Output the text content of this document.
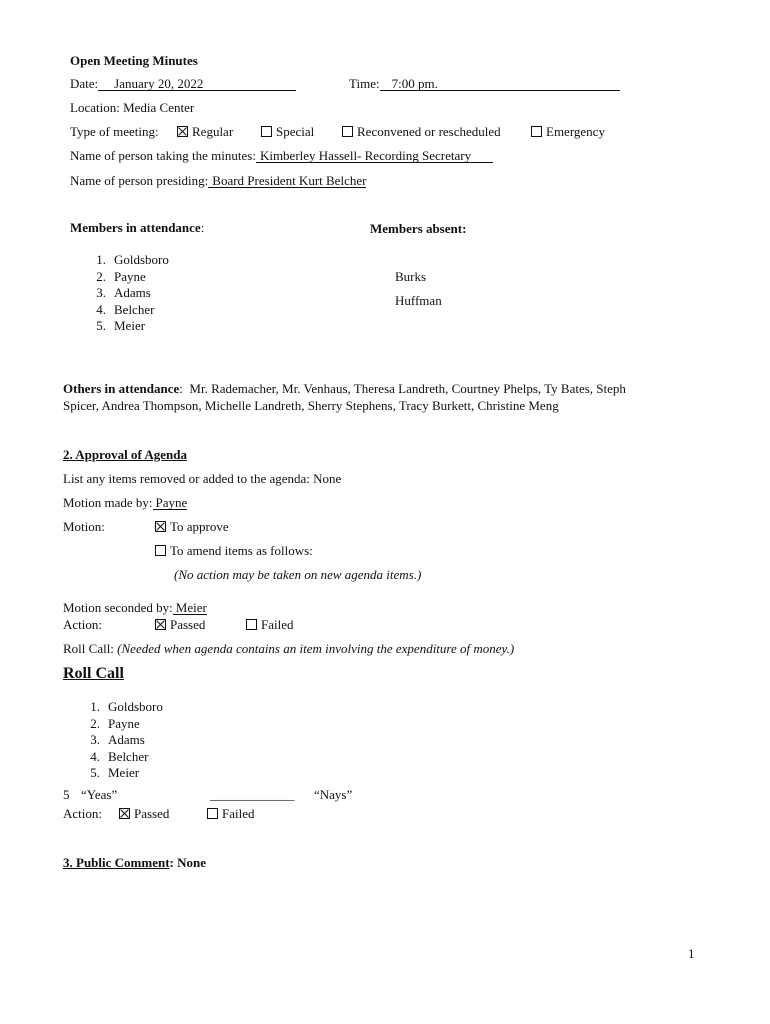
Open Meeting Minutes
Date: January 20, 2022	Time: 7:00 pm.
Location: Media Center
Type of meeting:	Regular	Special	Reconvened or rescheduled	Emergency
Name of person taking the minutes: Kimberley Hassell- Recording Secretary
Name of person presiding: Board President Kurt Belcher
Members in attendance:
1. Goldsboro
2. Payne
3. Adams
4. Belcher
5. Meier
Members absent:
Burks
Huffman
Others in attendance:  Mr. Rademacher, Mr. Venhaus, Theresa Landreth, Courtney Phelps, Ty Bates, Steph
Spicer, Andrea Thompson, Michelle Landreth, Sherry Stephens, Tracy Burkett, Christine Meng
2. Approval of Agenda
List any items removed or added to the agenda: None
Motion made by: Payne
Motion:	To approve
To amend items as follows:
(No action may be taken on new agenda items.)
Motion seconded by: Meier
Action:	Passed	Failed
Roll Call: (Needed when agenda contains an item involving the expenditure of money.)
Roll Call
1. Goldsboro
2. Payne
3. Adams
4. Belcher
5. Meier
5 “Yeas”	_____________ “Nays”
Action:	Passed	Failed
3. Public Comment: None
1
